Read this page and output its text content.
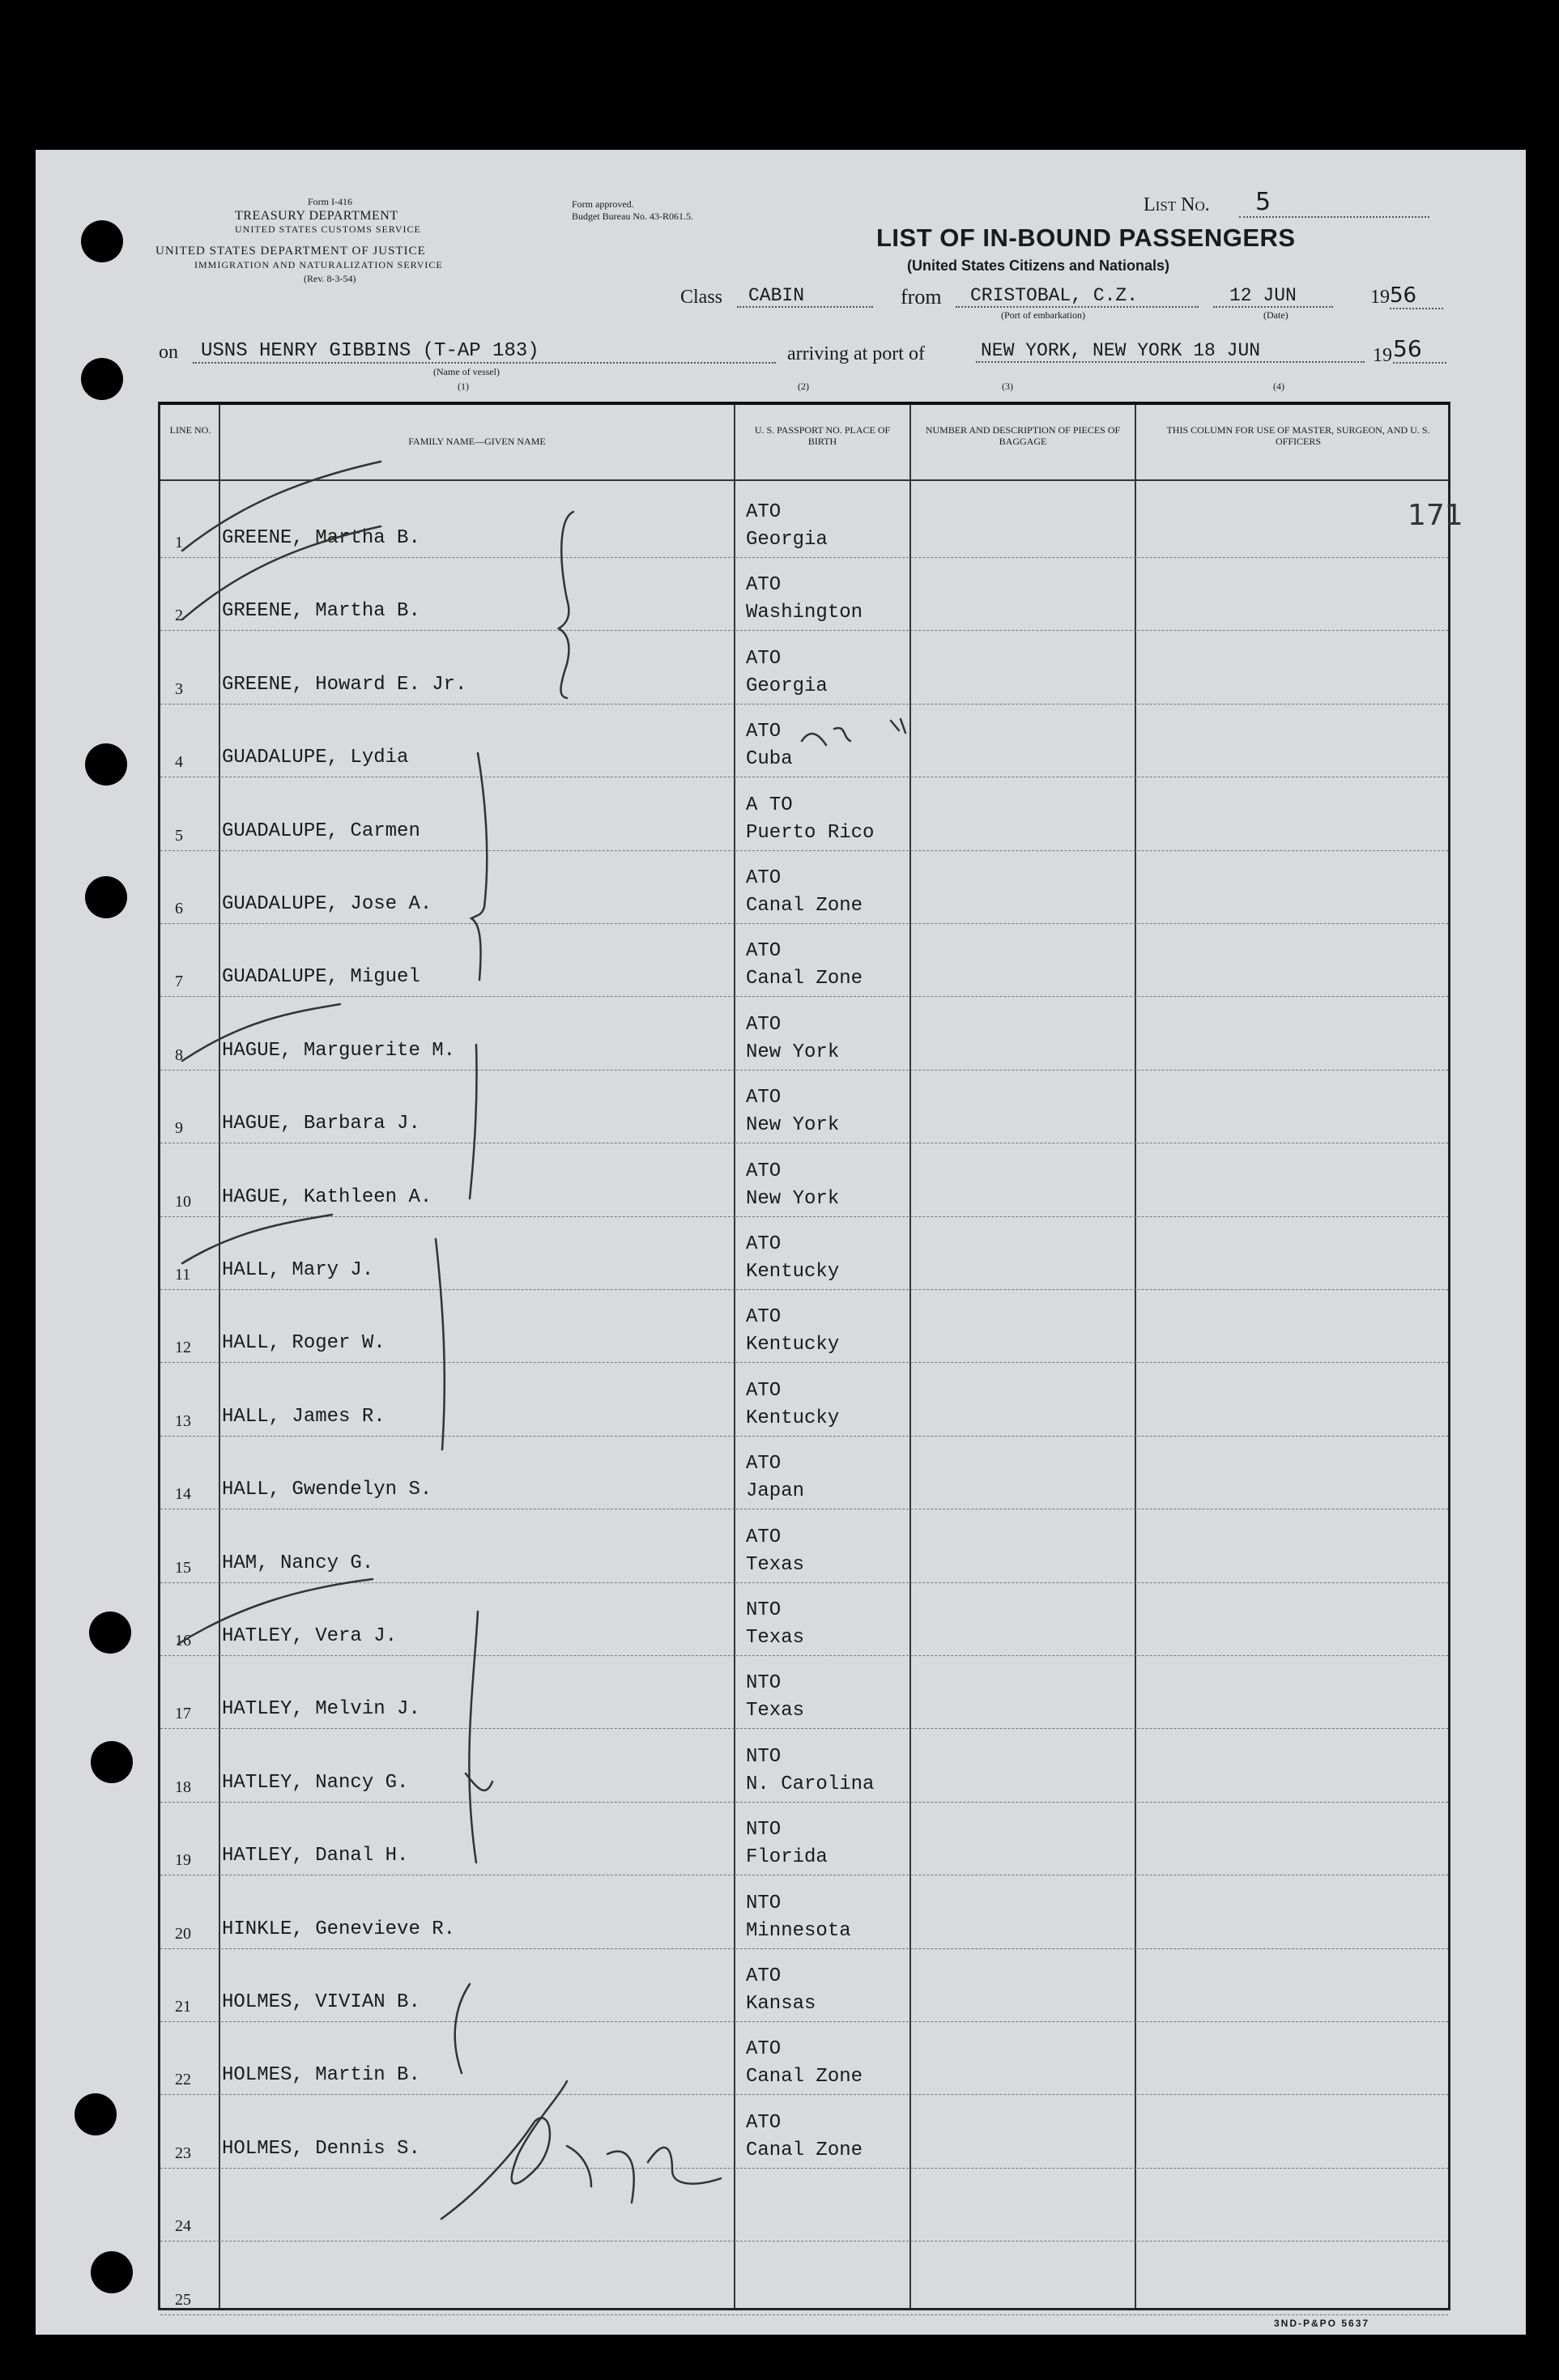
Form I-416
TREASURY DEPARTMENT
UNITED STATES CUSTOMS SERVICE
UNITED STATES DEPARTMENT OF JUSTICE
IMMIGRATION AND NATURALIZATION SERVICE
(Rev. 8-3-54)
Form approved.
Budget Bureau No. 43-R061.5.
List No.	5
LIST OF IN-BOUND PASSENGERS
(United States Citizens and Nationals)
Class	CABIN	from	CRISTOBAL, C.Z.
(Port of embarkation)
12 JUN
(Date)
19 56
on	USNS HENRY GIBBINS (T-AP 183)
(Name of vessel)
arriving at port of	NEW YORK, NEW YORK 18 JUN	19 56
(1)	(2)	(3)	(4)
LINE NO.
FAMILY NAME—GIVEN NAME
U. S. PASSPORT NO. PLACE OF BIRTH
NUMBER AND DESCRIPTION OF PIECES OF BAGGAGE
THIS COLUMN FOR USE OF MASTER, SURGEON, AND U. S. OFFICERS
1	GREENE, Martha B.
ATO
Georgia
2	GREENE, Martha B.
ATO
Washington
3	GREENE, Howard E. Jr.
ATO
Georgia
4	GUADALUPE, Lydia
ATO
Cuba
5	GUADALUPE, Carmen
A TO
Puerto Rico
6	GUADALUPE, Jose A.
ATO
Canal Zone
7	GUADALUPE, Miguel
ATO
Canal Zone
8	HAGUE, Marguerite M.
ATO
New York
9	HAGUE, Barbara J.
ATO
New York
10	HAGUE, Kathleen A.
ATO
New York
11	HALL, Mary J.
ATO
Kentucky
12	HALL, Roger W.
ATO
Kentucky
13	HALL, James R.
ATO
Kentucky
14	HALL, Gwendelyn S.
ATO
Japan
15	HAM, Nancy G.
ATO
Texas
16	HATLEY, Vera J.
NTO
Texas
17	HATLEY, Melvin J.
NTO
Texas
18	HATLEY, Nancy G.
NTO
N. Carolina
19	HATLEY, Danal H.
NTO
Florida
20	HINKLE, Genevieve R.
NTO
Minnesota
21	HOLMES, VIVIAN B.
ATO
Kansas
22	HOLMES, Martin B.
ATO
Canal Zone
23	HOLMES, Dennis S.
ATO
Canal Zone
24
25
171
3ND-P&PO 5637
